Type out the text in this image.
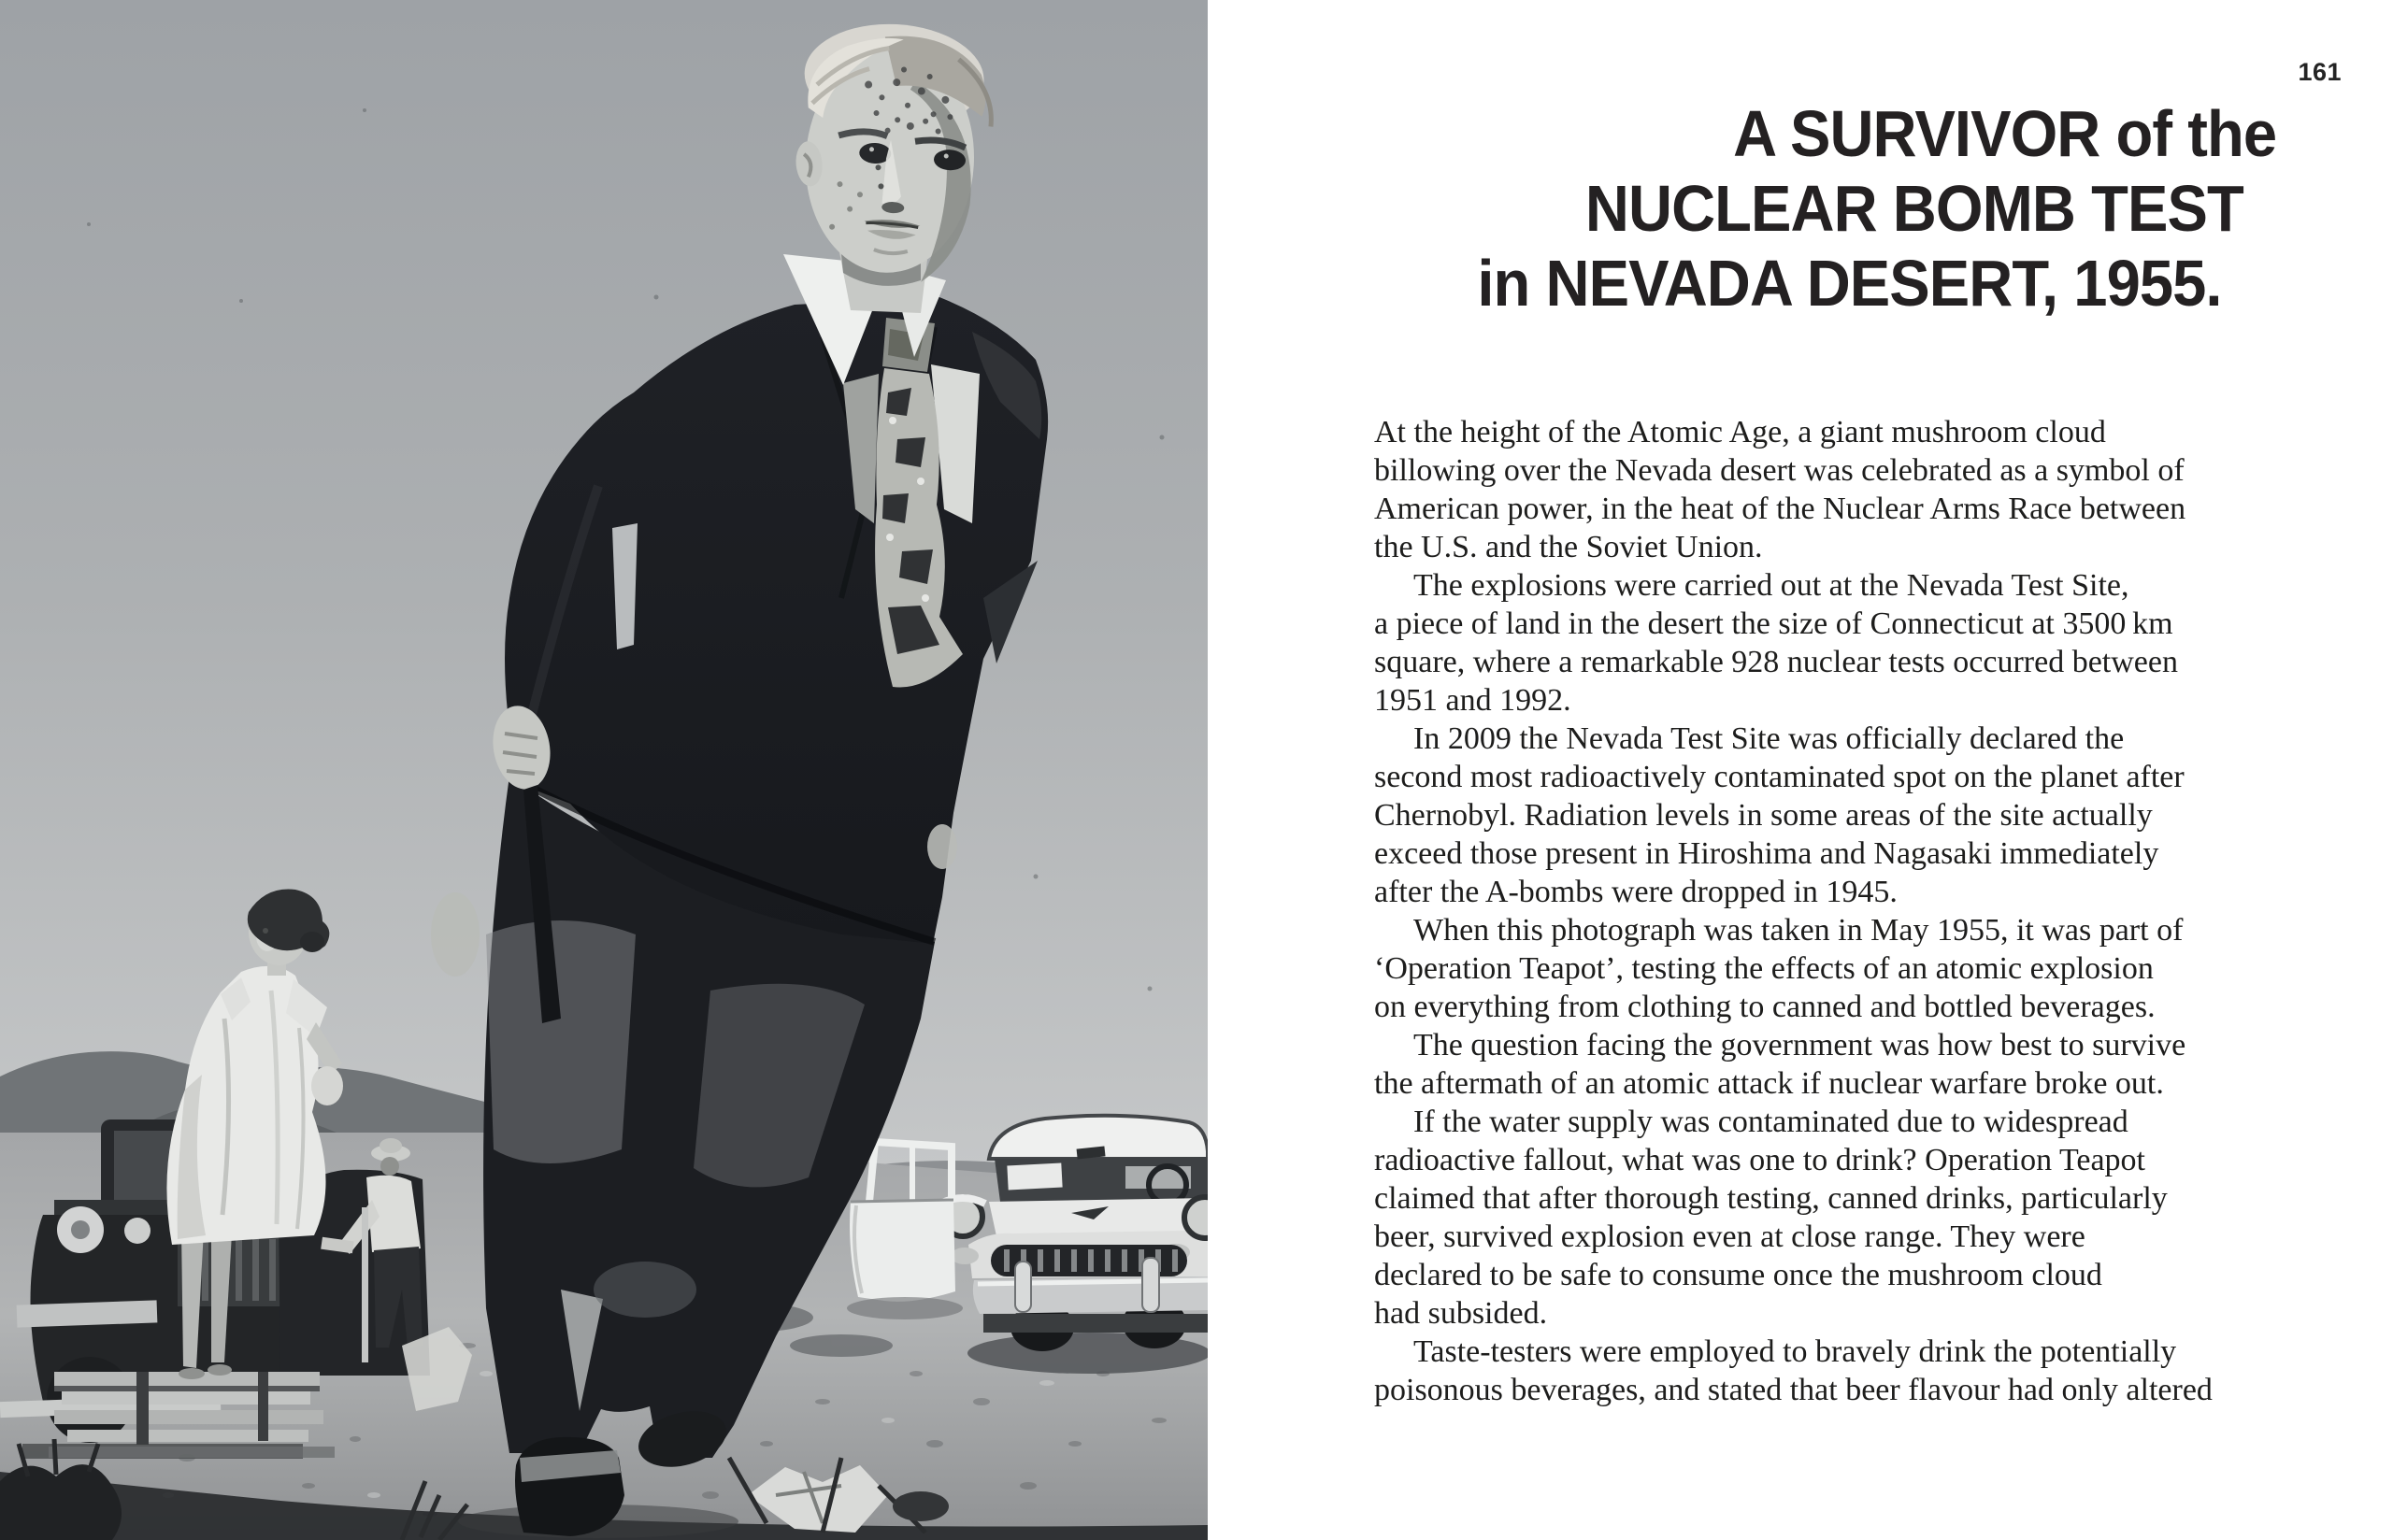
161
A SURVIVOR of the
NUCLEAR BOMB TEST
in NEVADA DESERT, 1955.

At the height of the Atomic Age, a giant mushroom cloud
billowing over the Nevada desert was celebrated as a symbol of
American power, in the heat of the Nuclear Arms Race between
the U.S. and the Soviet Union.

The explosions were carried out at the Nevada Test Site,
a piece of land in the desert the size of Connecticut at 3500 km
square, where a remarkable 928 nuclear tests occurred between
1951 and 1992.

In 2009 the Nevada Test Site was officially declared the
second most radioactively contaminated spot on the planet after
Chernobyl. Radiation levels in some areas of the site actually
exceed those present in Hiroshima and Nagasaki immediately
after the A-bombs were dropped in 1945.

When this photograph was taken in May 1955, it was part of
‘Operation Teapot’, testing the effects of an atomic explosion
on everything from clothing to canned and bottled beverages.

The question facing the government was how best to survive
the aftermath of an atomic attack if nuclear warfare broke out.

If the water supply was contaminated due to widespread
radioactive fallout, what was one to drink? Operation Teapot
claimed that after thorough testing, canned drinks, particularly
beer, survived explosion even at close range. They were
declared to be safe to consume once the mushroom cloud
had subsided.

Taste-testers were employed to bravely drink the potentially
poisonous beverages, and stated that beer flavour had only altered
